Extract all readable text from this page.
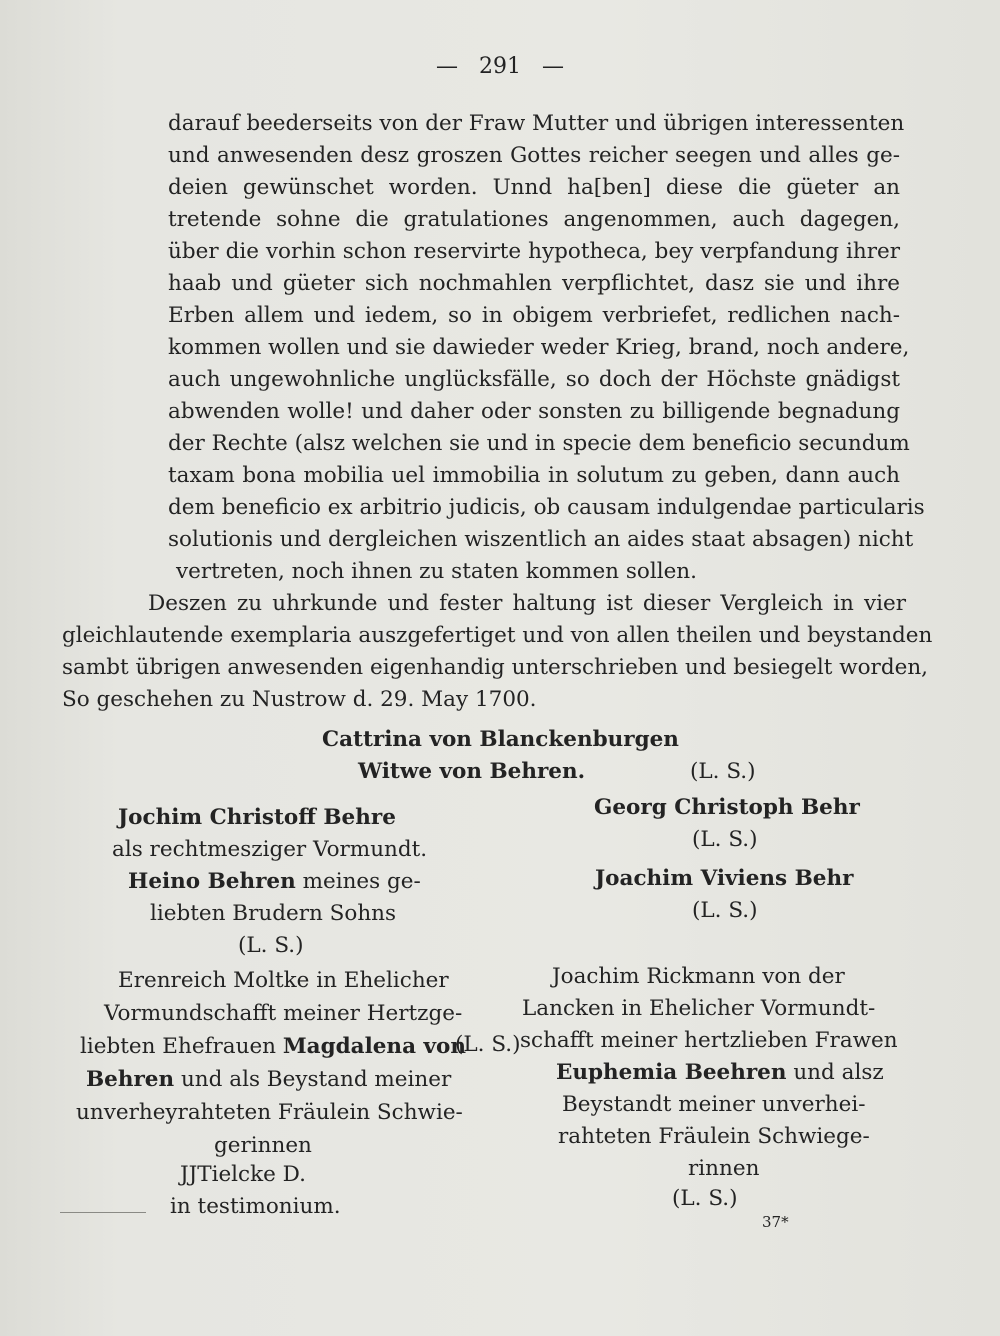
— 291 —
darauf beederseits von der Fraw Mutter und übrigen interessenten
und anwesenden desz groszen Gottes reicher seegen und alles ge-
deien gewünschet worden. Unnd ha[ben] diese die güeter an
tretende sohne die gratulationes angenommen, auch dagegen,
über die vorhin schon reservirte hypotheca, bey verpfandung ihrer
haab und güeter sich nochmahlen verpflichtet, dasz sie und ihre
Erben allem und iedem, so in obigem verbriefet, redlichen nach-
kommen wollen und sie dawieder weder Krieg, brand, noch andere,
auch ungewohnliche unglücksfälle, so doch der Höchste gnädigst
abwenden wolle! und daher oder sonsten zu billigende begnadung
der Rechte (alsz welchen sie und in specie dem beneficio secundum
taxam bona mobilia uel immobilia in solutum zu geben, dann auch
dem beneficio ex arbitrio judicis, ob causam indulgendae particularis
solutionis und dergleichen wiszentlich an aides staat absagen) nicht
vertreten, noch ihnen zu staten kommen sollen.
Deszen zu uhrkunde und fester haltung ist dieser Vergleich in vier
gleichlautende exemplaria auszgefertiget und von allen theilen und beystanden
sambt übrigen anwesenden eigenhandig unterschrieben und besiegelt worden,
So geschehen zu Nustrow d. 29. May 1700.
Cattrina von Blanckenburgen
Witwe von Behren.	(L. S.)
Jochim Christoff Behre
als rechtmesziger Vormundt.
Heino Behren meines ge-
liebten Brudern Sohns
(L. S.)
Georg Christoph Behr
(L. S.)
Joachim Viviens Behr
(L. S.)
Erenreich Moltke in Ehelicher
Vormundschafft meiner Hertzge-
liebten Ehefrauen Magdalena von
(L. S.)
Behren und als Beystand meiner
unverheyrahteten Fräulein Schwie-
gerinnen
JJTielcke D.
in testimonium.
Joachim Rickmann von der
Lancken in Ehelicher Vormundt-
schafft meiner hertzlieben Frawen
Euphemia Beehren und alsz
Beystandt meiner unverhei-
rahteten Fräulein Schwiege-
rinnen
(L. S.)
37*
